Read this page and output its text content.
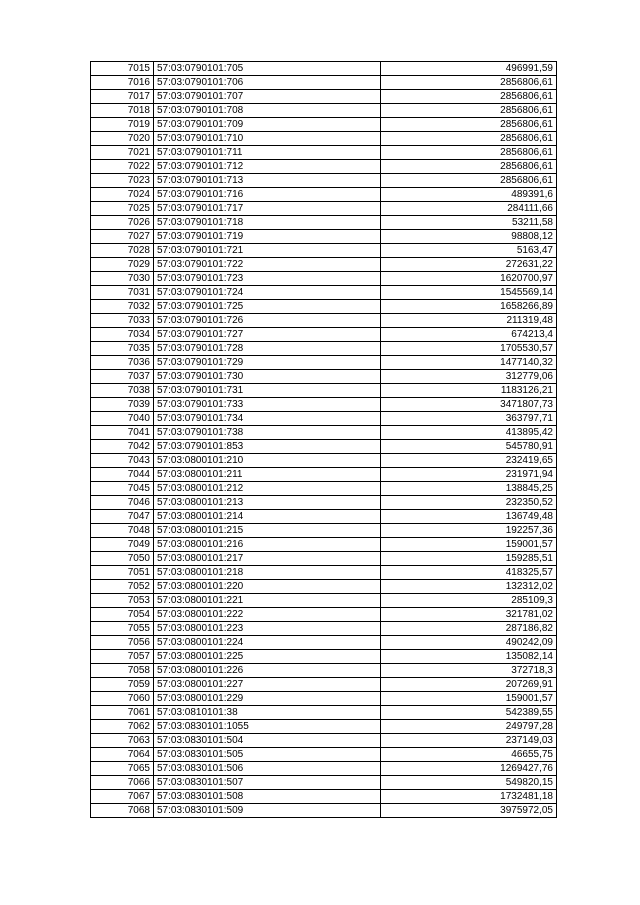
7015	57:03:0790101:705	496991,59
7016	57:03:0790101:706	2856806,61
7017	57:03:0790101:707	2856806,61
7018	57:03:0790101:708	2856806,61
7019	57:03:0790101:709	2856806,61
7020	57:03:0790101:710	2856806,61
7021	57:03:0790101:711	2856806,61
7022	57:03:0790101:712	2856806,61
7023	57:03:0790101:713	2856806,61
7024	57:03:0790101:716	489391,6
7025	57:03:0790101:717	284111,66
7026	57:03:0790101:718	53211,58
7027	57:03:0790101:719	98808,12
7028	57:03:0790101:721	5163,47
7029	57:03:0790101:722	272631,22
7030	57:03:0790101:723	1620700,97
7031	57:03:0790101:724	1545569,14
7032	57:03:0790101:725	1658266,89
7033	57:03:0790101:726	211319,48
7034	57:03:0790101:727	674213,4
7035	57:03:0790101:728	1705530,57
7036	57:03:0790101:729	1477140,32
7037	57:03:0790101:730	312779,06
7038	57:03:0790101:731	1183126,21
7039	57:03:0790101:733	3471807,73
7040	57:03:0790101:734	363797,71
7041	57:03:0790101:738	413895,42
7042	57:03:0790101:853	545780,91
7043	57:03:0800101:210	232419,65
7044	57:03:0800101:211	231971,94
7045	57:03:0800101:212	138845,25
7046	57:03:0800101:213	232350,52
7047	57:03:0800101:214	136749,48
7048	57:03:0800101:215	192257,36
7049	57:03:0800101:216	159001,57
7050	57:03:0800101:217	159285,51
7051	57:03:0800101:218	418325,57
7052	57:03:0800101:220	132312,02
7053	57:03:0800101:221	285109,3
7054	57:03:0800101:222	321781,02
7055	57:03:0800101:223	287186,82
7056	57:03:0800101:224	490242,09
7057	57:03:0800101:225	135082,14
7058	57:03:0800101:226	372718,3
7059	57:03:0800101:227	207269,91
7060	57:03:0800101:229	159001,57
7061	57:03:0810101:38	542389,55
7062	57:03:0830101:1055	249797,28
7063	57:03:0830101:504	237149,03
7064	57:03:0830101:505	46655,75
7065	57:03:0830101:506	1269427,76
7066	57:03:0830101:507	549820,15
7067	57:03:0830101:508	1732481,18
7068	57:03:0830101:509	3975972,05
